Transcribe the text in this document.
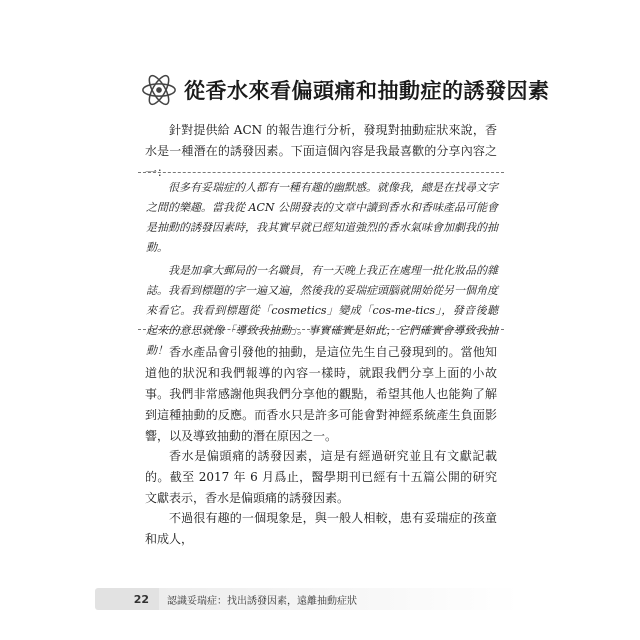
從香水來看偏頭痛和抽動症的誘發因素

針對提供給 ACN 的報告進行分析，發現對抽動症狀來說，香水是一種潛在的誘發因素。下面這個內容是我最喜歡的分享內容之一：

很多有妥瑞症的人都有一種有趣的幽默感。就像我，總是在找尋文字之間的樂趣。當我從 ACN 公開發表的文章中讀到香水和香味產品可能會是抽動的誘發因素時，我其實早就已經知道強烈的香水氣味會加劇我的抽動。

我是加拿大郵局的一名職員，有一天晚上我正在處理一批化妝品的雜誌。我看到標題的字一遍又遍，然後我的妥瑞症頭腦就開始從另一個角度來看它。我看到標題從「cosmetics」變成「cos-me-tics」，發音後聽起來的意思就像「導致我抽動」。事實確實是如此，它們確實會導致我抽動！ 香水產品會引發他的抽動，是這位先生自己發現到的。當他知道他的狀況和我們報導的內容一樣時，就跟我們分享上面的小故事。我們非常感謝他與我們分享他的觀點，希望其他人也能夠了解到這種抽動的反應。而香水只是許多可能會對神經系統產生負面影響，以及導致抽動的潛在原因之一。

香水是偏頭痛的誘發因素，這是有經過研究並且有文獻記載的。截至 2017 年 6 月爲止，醫學期刊已經有十五篇公開的研究文獻表示，香水是偏頭痛的誘發因素。

不過很有趣的一個現象是，與一般人相較，患有妥瑞症的孩童和成人，

22	認識妥瑞症：找出誘發因素，遠離抽動症狀
